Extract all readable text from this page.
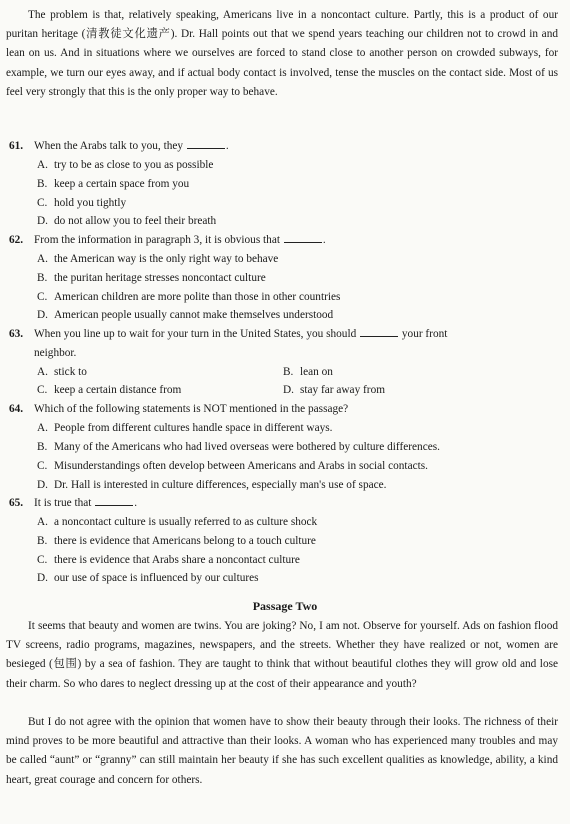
The problem is that, relatively speaking, Americans live in a noncontact culture. Partly, this is a product of our puritan heritage (清教徒文化遗产). Dr. Hall points out that we spend years teaching our children not to crowd in and lean on us. And in situations where we ourselves are forced to stand close to another person on crowded subways, for example, we turn our eyes away, and if actual body contact is involved, tense the muscles on the contact side. Most of us feel very strongly that this is the only proper way to behave.
61. When the Arabs talk to you, they	.
A. try to be as close to you as possible
B. keep a certain space from you
C. hold you tightly
D. do not allow you to feel their breath
62. From the information in paragraph 3, it is obvious that	.
A. the American way is the only right way to behave
B. the puritan heritage stresses noncontact culture
C. American children are more polite than those in other countries
D. American people usually cannot make themselves understood
63. When you line up to wait for your turn in the United States, you should	your front
neighbor.
A. stick to	B. lean on
C. keep a certain distance from	D. stay far away from
64. Which of the following statements is NOT mentioned in the passage?
A. People from different cultures handle space in different ways.
B. Many of the Americans who had lived overseas were bothered by culture differences.
C. Misunderstandings often develop between Americans and Arabs in social contacts.
D. Dr. Hall is interested in culture differences, especially man's use of space.
65. It is true that	.
A. a noncontact culture is usually referred to as culture shock
B. there is evidence that Americans belong to a touch culture
C. there is evidence that Arabs share a noncontact culture
D. our use of space is influenced by our cultures
Passage Two
It seems that beauty and women are twins. You are joking? No, I am not. Observe for yourself. Ads on fashion flood TV screens, radio programs, magazines, newspapers, and the streets. Whether they have realized or not, women are besieged (包围) by a sea of fashion. They are taught to think that without beautiful clothes they will grow old and lose their charm. So who dares to neglect dressing up at the cost of their appearance and youth?
But I do not agree with the opinion that women have to show their beauty through their looks. The richness of their mind proves to be more beautiful and attractive than their looks. A woman who has experienced many troubles and may be called “aunt” or “granny” can still maintain her beauty if she has such excellent qualities as knowledge, ability, a kind heart, great courage and concern for others.
